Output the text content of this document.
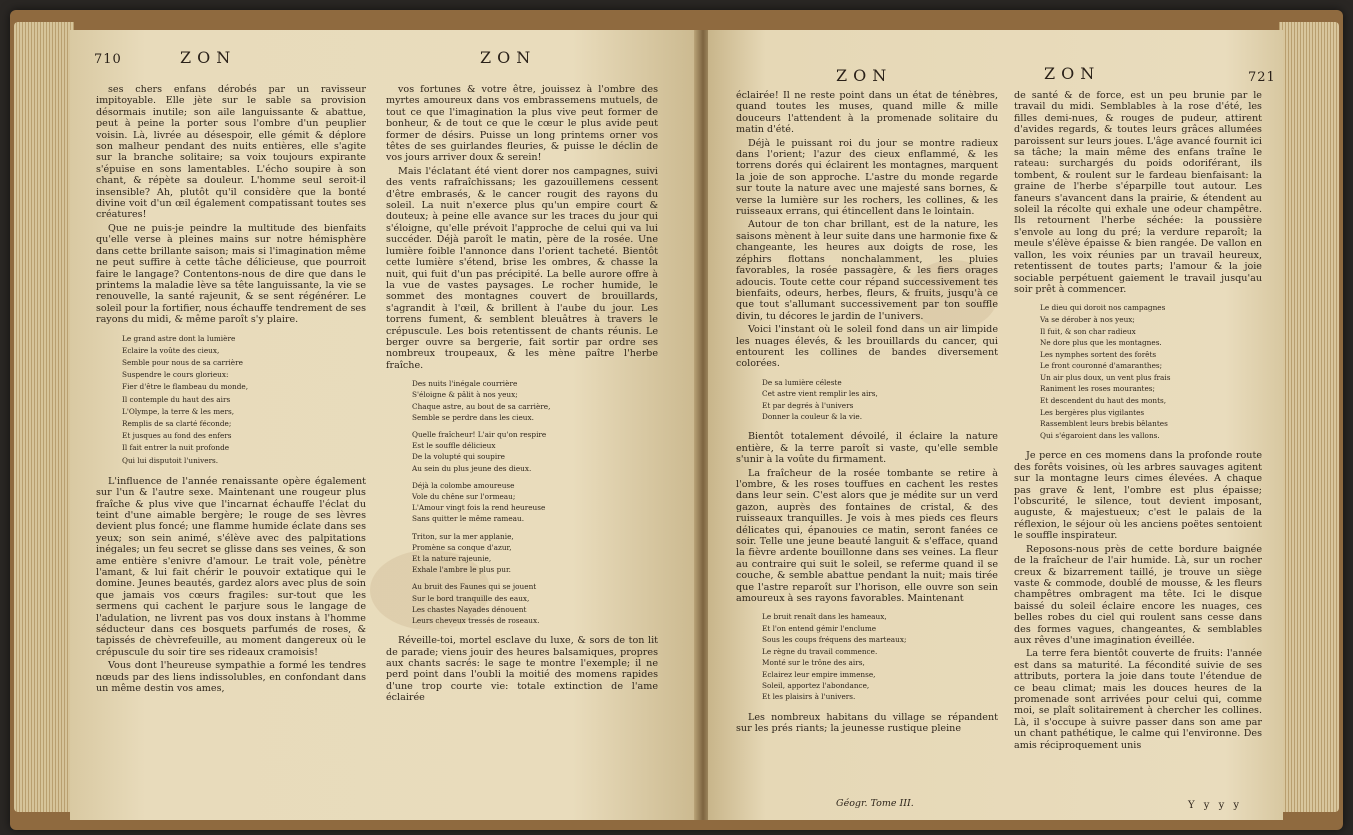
710	ZON	ZON

ses chers enfans dérobés par un ravisseur impitoyable. Elle jète sur le sable sa provision désormais inutile; son aile languissante & abattue, peut à peine la porter sous l'ombre d'un peuplier voisin. Là, livrée au désespoir, elle gémit & déplore son malheur pendant des nuits entières, elle s'agite sur la branche solitaire; sa voix toujours expirante s'épuise en sons lamentables. L'écho soupire à son chant, & répète sa douleur. L'homme seul seroit-il insensible? Ah, plutôt qu'il considère que la bonté divine voit d'un œil également compatissant toutes ses créatures!

Que ne puis-je peindre la multitude des bienfaits qu'elle verse à pleines mains sur notre hémisphère dans cette brillante saison; mais si l'imagination même ne peut suffire à cette tâche délicieuse, que pourroit faire le langage? Contentons-nous de dire que dans le printems la maladie lève sa tête languissante, la vie se renouvelle, la santé rajeunit, & se sent régénérer. Le soleil pour la fortifier, nous échauffe tendrement de ses rayons du midi, & même paroît s'y plaire.

Le grand astre dont la lumière
Eclaire la voûte des cieux,
Semble pour nous de sa carrière
Suspendre le cours glorieux:
Fier d'être le flambeau du monde,
Il contemple du haut des airs
L'Olympe, la terre & les mers,
Remplis de sa clarté féconde;
Et jusques au fond des enfers
Il fait entrer la nuit profonde
Qui lui disputoit l'univers.

L'influence de l'année renaissante opère également sur l'un & l'autre sexe. Maintenant une rougeur plus fraîche & plus vive que l'incarnat échauffe l'éclat du teint d'une aimable bergère; le rouge de ses lèvres devient plus foncé; une flamme humide éclate dans ses yeux; son sein animé, s'élève avec des palpitations inégales; un feu secret se glisse dans ses veines, & son ame entière s'enivre d'amour. Le trait vole, pénètre l'amant, & lui fait chérir le pouvoir extatique qui le domine. Jeunes beautés, gardez alors avec plus de soin que jamais vos cœurs fragiles: sur-tout que les sermens qui cachent le parjure sous le langage de l'adulation, ne livrent pas vos doux instans à l'homme séducteur dans ces bosquets parfumés de roses, & tapissés de chèvrefeuille, au moment dangereux où le crépuscule du soir tire ses rideaux cramoisis!

Vous dont l'heureuse sympathie a formé les tendres nœuds par des liens indissolubles, en confondant dans un même destin vos ames,

vos fortunes & votre être, jouissez à l'ombre des myrtes amoureux dans vos embrassemens mutuels, de tout ce que l'imagination la plus vive peut former de bonheur, & de tout ce que le cœur le plus avide peut former de désirs. Puisse un long printems orner vos têtes de ses guirlandes fleuries, & puisse le déclin de vos jours arriver doux & serein!

Mais l'éclatant été vient dorer nos campagnes, suivi des vents rafraîchissans; les gazouillemens cessent d'être embrasés, & le cancer rougit des rayons du soleil. La nuit n'exerce plus qu'un empire court & douteux; à peine elle avance sur les traces du jour qui s'éloigne, qu'elle prévoit l'approche de celui qui va lui succéder. Déjà paroît le matin, père de la rosée. Une lumière foible l'annonce dans l'orient tacheté. Bientôt cette lumière s'étend, brise les ombres, & chasse la nuit, qui fuit d'un pas précipité. La belle aurore offre à la vue de vastes paysages. Le rocher humide, le sommet des montagnes couvert de brouillards, s'agrandit à l'œil, & brillent à l'aube du jour. Les torrens fument, & semblent bleuâtres à travers le crépuscule. Les bois retentissent de chants réunis. Le berger ouvre sa bergerie, fait sortir par ordre ses nombreux troupeaux, & les mène paître l'herbe fraîche.

Des nuits l'inégale courrière
S'éloigne & pâlit à nos yeux;
Chaque astre, au bout de sa carrière,
Semble se perdre dans les cieux.
Quelle fraîcheur! L'air qu'on respire
Est le souffle délicieux
De la volupté qui soupire
Au sein du plus jeune des dieux.
Déjà la colombe amoureuse
Vole du chêne sur l'ormeau;
L'Amour vingt fois la rend heureuse
Sans quitter le même rameau.
Triton, sur la mer applanie,
Promène sa conque d'azur,
Et la nature rajeunie,
Exhale l'ambre le plus pur.
Au bruit des Faunes qui se jouent
Sur le bord tranquille des eaux,
Les chastes Nayades dénouent
Leurs cheveux tressés de roseaux.

Réveille-toi, mortel esclave du luxe, & sors de ton lit de parade; viens jouir des heures balsamiques, propres aux chants sacrés: le sage te montre l'exemple; il ne perd point dans l'oubli la moitié des momens rapides d'une trop courte vie: totale extinction de l'ame éclairée

ZON	ZON	721

éclairée! Il ne reste point dans un état de ténèbres, quand toutes les muses, quand mille & mille douceurs l'attendent à la promenade solitaire du matin d'été.

Déjà le puissant roi du jour se montre radieux dans l'orient; l'azur des cieux enflammé, & les torrens dorés qui éclairent les montagnes, marquent la joie de son approche. L'astre du monde regarde sur toute la nature avec une majesté sans bornes, & verse la lumière sur les rochers, les collines, & les ruisseaux errans, qui étincellent dans le lointain.

Autour de ton char brillant, est de la nature, les saisons mènent à leur suite dans une harmonie fixe & changeante, les heures aux doigts de rose, les zéphirs flottans nonchalamment, les pluies favorables, la rosée passagère, & les fiers orages adoucis. Toute cette cour répand successivement tes bienfaits, odeurs, herbes, fleurs, & fruits, jusqu'à ce que tout s'allumant successivement par ton souffle divin, tu décores le jardin de l'univers.

Voici l'instant où le soleil fond dans un air limpide les nuages élevés, & les brouillards du cancer, qui entourent les collines de bandes diversement colorées.

De sa lumière céleste
Cet astre vient remplir les airs,
Et par degrés à l'univers
Donner la couleur & la vie.

Bientôt totalement dévoilé, il éclaire la nature entière, & la terre paroît si vaste, qu'elle semble s'unir à la voûte du firmament.

La fraîcheur de la rosée tombante se retire à l'ombre, & les roses touffues en cachent les restes dans leur sein. C'est alors que je médite sur un verd gazon, auprès des fontaines de cristal, & des ruisseaux tranquilles. Je vois à mes pieds ces fleurs délicates qui, épanouies ce matin, seront fanées ce soir. Telle une jeune beauté languit & s'efface, quand la fièvre ardente bouillonne dans ses veines. La fleur au contraire qui suit le soleil, se referme quand il se couche, & semble abattue pendant la nuit; mais tirée que l'astre reparoît sur l'horison, elle ouvre son sein amoureux à ses rayons favorables. Maintenant

Le bruit renaît dans les hameaux,
Et l'on entend gémir l'enclume
Sous les coups fréquens des marteaux;
Le règne du travail commence.
Monté sur le trône des airs,
Eclairez leur empire immense,
Soleil, apportez l'abondance,
Et les plaisirs à l'univers.

Les nombreux habitans du village se répandent sur les prés riants; la jeunesse rustique pleine

Géogr. Tome III.

de santé & de force, est un peu brunie par le travail du midi. Semblables à la rose d'été, les filles demi-nues, & rouges de pudeur, attirent d'avides regards, & toutes leurs grâces allumées paroissent sur leurs joues. L'âge avancé fournit ici sa tâche; la main même des enfans traîne le rateau: surchargés du poids odoriférant, ils tombent, & roulent sur le fardeau bienfaisant: la graine de l'herbe s'éparpille tout autour. Les faneurs s'avancent dans la prairie, & étendent au soleil la récolte qui exhale une odeur champêtre. Ils retournent l'herbe séchée: la poussière s'envole au long du pré; la verdure reparoît; la meule s'élève épaisse & bien rangée. De vallon en vallon, les voix réunies par un travail heureux, retentissent de toutes parts; l'amour & la joie sociable perpétuent gaiement le travail jusqu'au soir prêt à commencer.

Le dieu qui doroit nos campagnes
Va se dérober à nos yeux;
Il fuit, & son char radieux
Ne dore plus que les montagnes.
Les nymphes sortent des forêts
Le front couronné d'amaranthes;
Un air plus doux, un vent plus frais
Raniment les roses mourantes;
Et descendent du haut des monts,
Les bergères plus vigilantes
Rassemblent leurs brebis bêlantes
Qui s'égaroient dans les vallons.

Je perce en ces momens dans la profonde route des forêts voisines, où les arbres sauvages agitent sur la montagne leurs cimes élevées. A chaque pas grave & lent, l'ombre est plus épaisse; l'obscurité, le silence, tout devient imposant, auguste, & majestueux; c'est le palais de la réflexion, le séjour où les anciens poëtes sentoient le souffle inspirateur.

Reposons-nous près de cette bordure baignée de la fraîcheur de l'air humide. Là, sur un rocher creux & bizarrement taillé, je trouve un siège vaste & commode, doublé de mousse, & les fleurs champêtres ombragent ma tête. Ici le disque baissé du soleil éclaire encore les nuages, ces belles robes du ciel qui roulent sans cesse dans des formes vagues, changeantes, & semblables aux rêves d'une imagination éveillée.

La terre fera bientôt couverte de fruits: l'année est dans sa maturité. La fécondité suivie de ses attributs, portera la joie dans toute l'étendue de ce beau climat; mais les douces heures de la promenade sont arrivées pour celui qui, comme moi, se plaît solitairement à chercher les collines. Là, il s'occupe à suivre passer dans son ame par un chant pathétique, le calme qui l'environne. Des amis réciproquement unis

Y y y y
